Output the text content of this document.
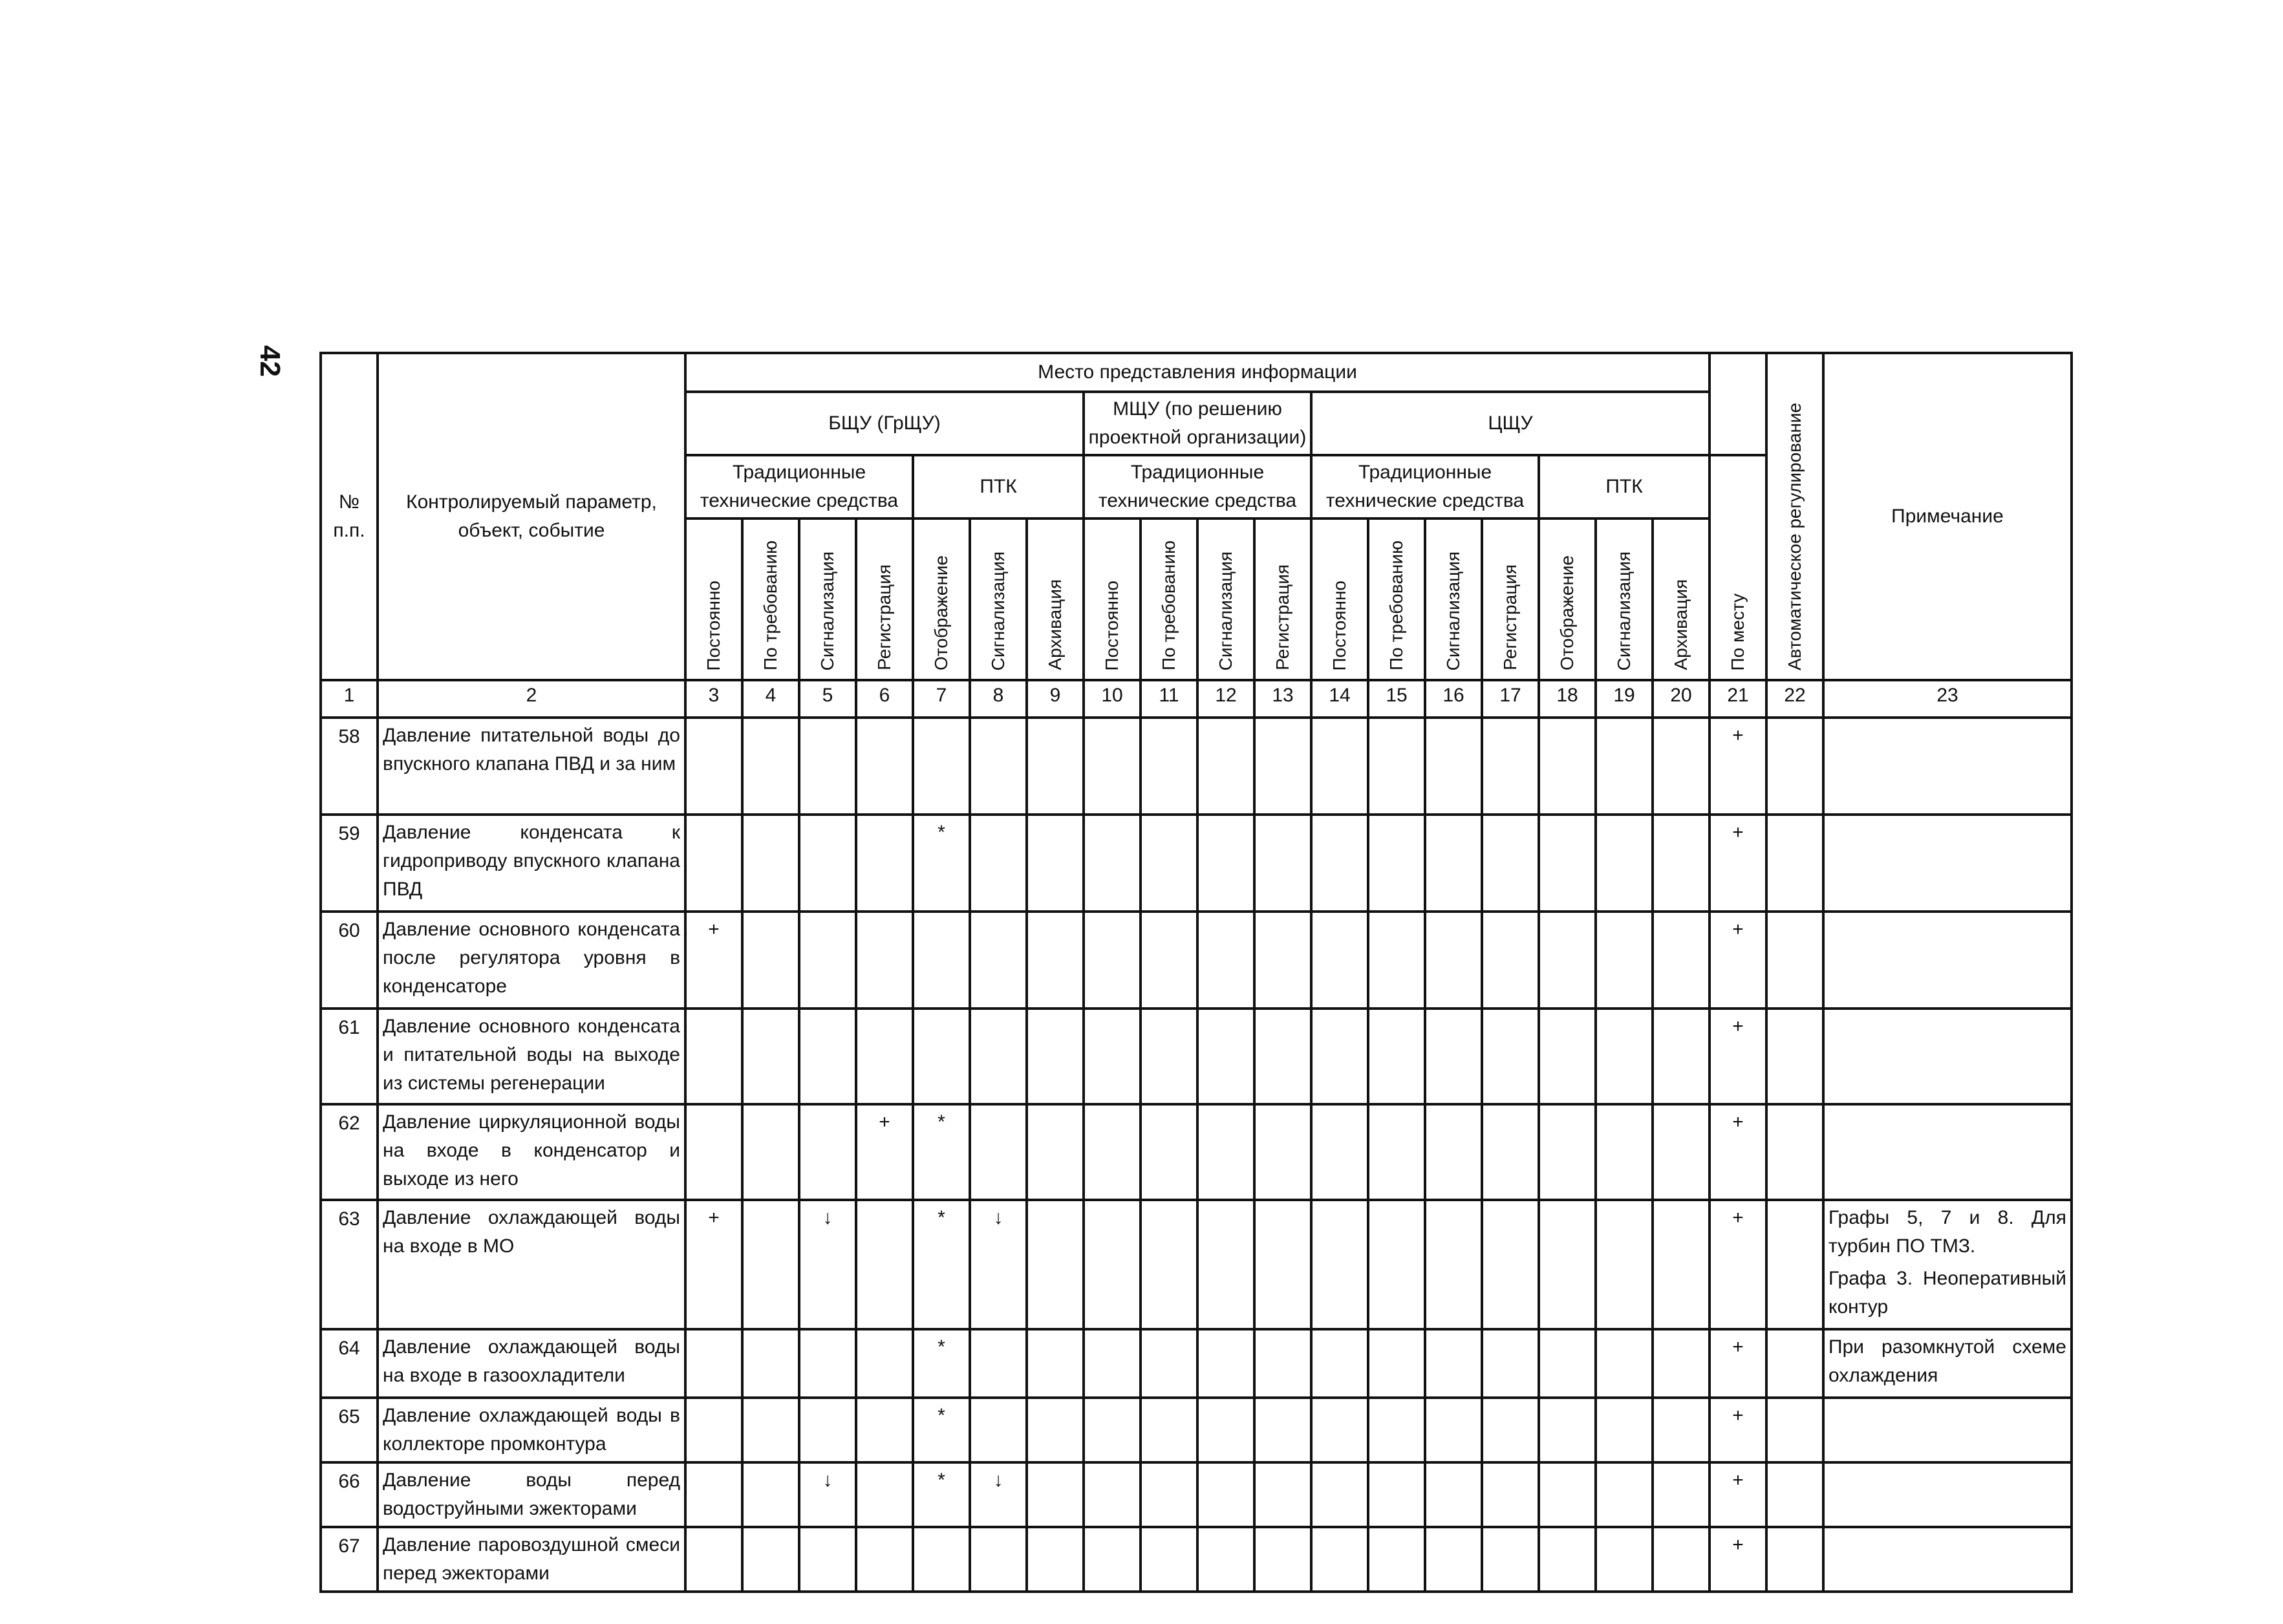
42
№ п.п.	Контролируемый параметр, объект, событие	Место представления информации																			Автоматическое регулирование	Примечание
		БЩУ (ГрЩУ)							МЩУ (по решению проектной организации)				ЦЩУ									
		Традиционные технические средства				ПТК			Традиционные технические средства				Традиционные технические средства				ПТК			По месту		
		Постоянно	По требованию	Сигнализация	Регистрация	Отображение	Сигнализация	Архивация	Постоянно	По требованию	Сигнализация	Регистрация	Постоянно	По требованию	Сигнализация	Регистрация	Отображение	Сигнализация	Архивация			
1	2	3	4	5	6	7	8	9	10	11	12	13	14	15	16	17	18	19	20	21	22	23
58	Давление питательной воды до впускного клапана ПВД и за ним																			+		

59	Давление конденсата к гидроприводу впускного клапана ПВД					*														+		

60	Давление основного конденсата после регулятора уровня в конденсаторе	+																		+		

61	Давление основного конденсата и питательной воды на выходе из системы регенерации																			+		

62	Давление циркуляционной воды на входе в конденсатор и выходе из него				+	*														+		

63	Давление охлаждающей воды на входе в МО	+		↓		*	↓													+		Графы 5, 7 и 8. Для турбин ПО ТМЗ.

Графа 3. Неоперативный контур

64	Давление охлаждающей воды на входе в газоохладители					*														+		При разомкнутой схеме охлаждения

65	Давление охлаждающей воды в коллекторе промконтура					*														+		

66	Давление воды перед водоструйными эжекторами			↓		*	↓													+		

67	Давление паровоздушной смеси перед эжекторами																			+		
